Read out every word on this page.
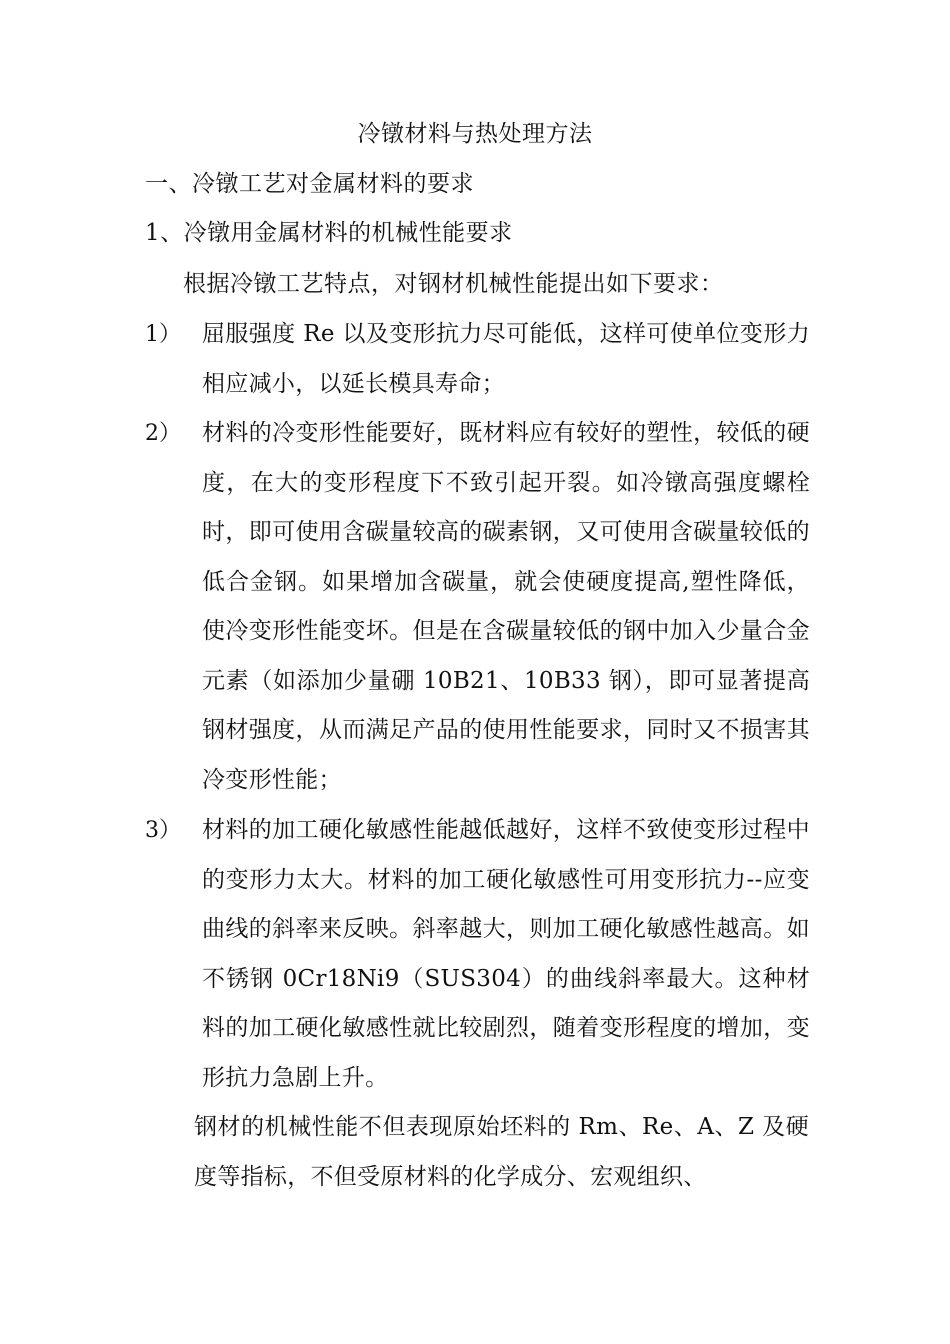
冷镦材料与热处理方法
一、冷镦工艺对金属材料的要求
1、冷镦用金属材料的机械性能要求
根据冷镦工艺特点，对钢材机械性能提出如下要求：
1） 屈服强度 Re 以及变形抗力尽可能低，这样可使单位变形力相应减小，以延长模具寿命；
2） 材料的冷变形性能要好，既材料应有较好的塑性，较低的硬度，在大的变形程度下不致引起开裂。如冷镦高强度螺栓时，即可使用含碳量较高的碳素钢，又可使用含碳量较低的低合金钢。如果增加含碳量，就会使硬度提高,塑性降低，使冷变形性能变坏。但是在含碳量较低的钢中加入少量合金元素（如添加少量硼 10B21、10B33 钢），即可显著提高钢材强度，从而满足产品的使用性能要求，同时又不损害其冷变形性能；
3） 材料的加工硬化敏感性能越低越好，这样不致使变形过程中的变形力太大。材料的加工硬化敏感性可用变形抗力--应变曲线的斜率来反映。斜率越大，则加工硬化敏感性越高。如不锈钢 0Cr18Ni9（SUS304）的曲线斜率最大。这种材料的加工硬化敏感性就比较剧烈，随着变形程度的增加，变形抗力急剧上升。
钢材的机械性能不但表现原始坯料的 Rm、Re、A、Z 及硬度等指标，不但受原材料的化学成分、宏观组织、
